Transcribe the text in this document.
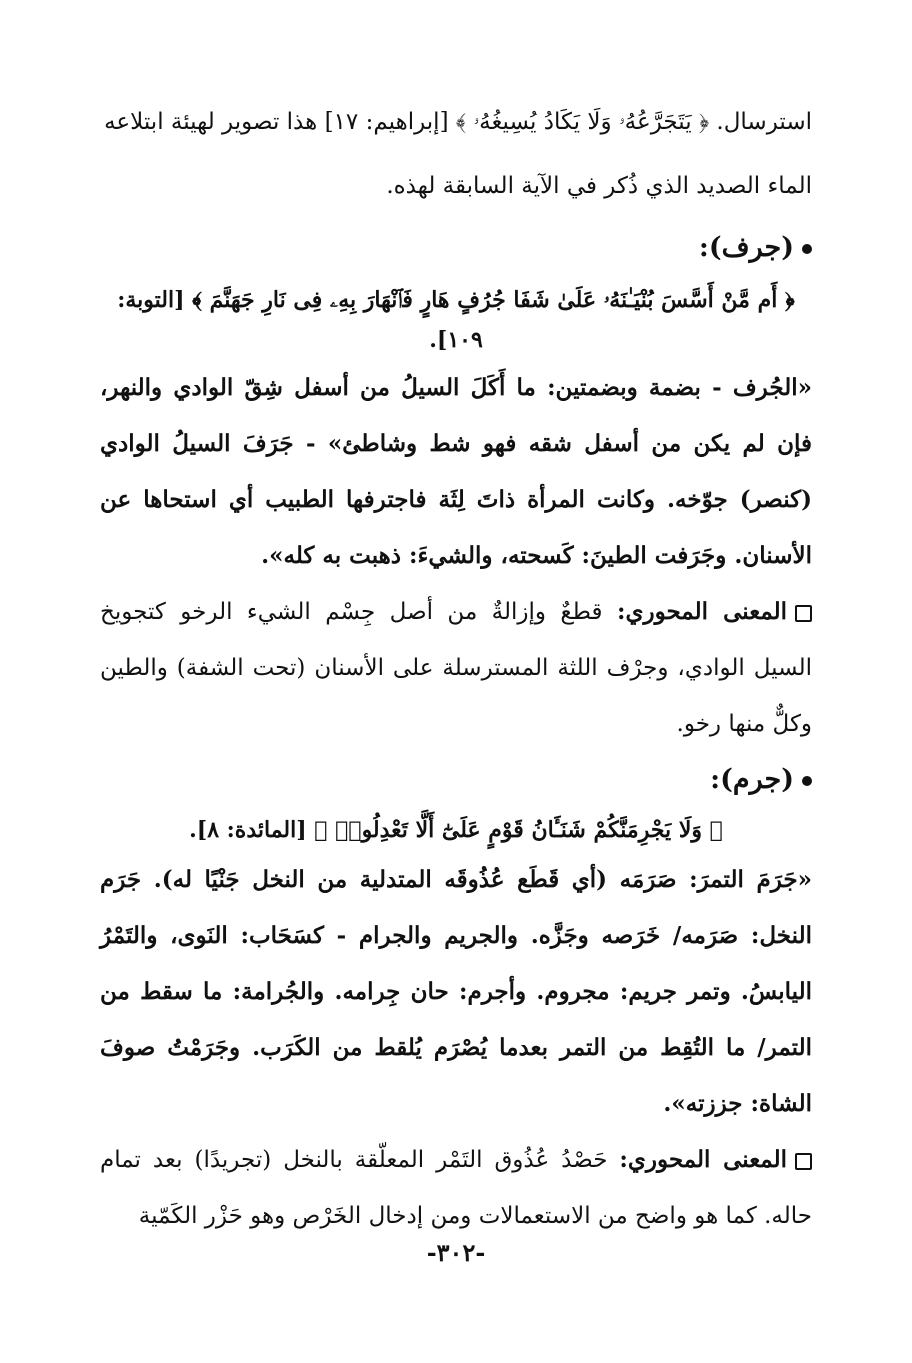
استرسال. ﴿ يَتَجَرَّعُهُۥ وَلَا يَكَادُ يُسِيغُهُۥ ﴾ [إبراهيم: ١٧] هذا تصوير لهيئة ابتلاعه
الماء الصديد الذي ذُكر في الآية السابقة لهذه.

(جرف):
﴿ أَم مَّنْ أَسَّسَ بُنْيَـٰنَهُۥ عَلَىٰ شَفَا جُرُفٍ هَارٍ فَٱنْهَارَ بِهِۦ فِى نَارِ جَهَنَّمَ ﴾ [التوبة: ١٠٩].

«الجُرف - بضمة وبضمتين: ما أَكَلَ السيلُ من أسفل شِقّ الوادي والنهر، فإن لم يكن من أسفل شقه فهو شط وشاطئ» - جَرَفَ السيلُ الوادي (كنصر) جوّخه. وكانت المرأة ذاتَ لِثَة فاجترفها الطبيب أي استحاها عن الأسنان. وجَرَفت الطينَ: كَسحته، والشيءَ: ذهبت به كله».

المعنى المحوري: قطعٌ وإزالةٌ من أصل جِسْم الشيء الرخو كتجويخ السيل الوادي، وجرْف اللثة المسترسلة على الأسنان (تحت الشفة) والطين وكلٌّ منها رخو.

(جرم):
﴿ وَلَا يَجْرِمَنَّكُمْ شَنَـَٔانُ قَوْمٍ عَلَىٰٓ أَلَّا تَعْدِلُوا۟ ﴾ [المائدة: ٨].

«جَرَمَ التمرَ: صَرَمَه (أي قَطَع عُذُوقَه المتدلية من النخل جَنْيًا له). جَرَم النخل: صَرَمه/ خَرَصه وجَزَّه. والجريم والجرام - كسَحَاب: النَوى، والتَمْرُ اليابسُ. وتمر جريم: مجروم. وأجرم: حان جِرامه. والجُرامة: ما سقط من التمر/ ما التُقِط من التمر بعدما يُصْرَم يُلقط من الكَرَب. وجَرَمْتُ صوفَ الشاة: جززته».

المعنى المحوري: حَصْدُ عُذُوق التَمْر المعلّقة بالنخل (تجريدًا) بعد تمام حاله. كما هو واضح من الاستعمالات ومن إدخال الخَرْص وهو حَزْر الكَمّية

-٣٠٢-
